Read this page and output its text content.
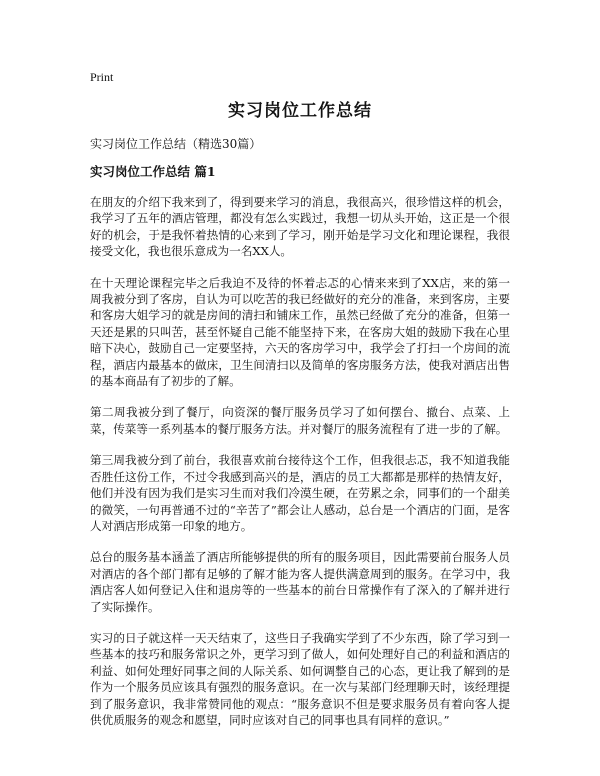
Print
实习岗位工作总结
实习岗位工作总结（精选30篇）
实习岗位工作总结 篇1

在朋友的介绍下我来到了，得到要来学习的消息，我很高兴，很珍惜这样的机会，我学习了五年的酒店管理，都没有怎么实践过，我想一切从头开始，这正是一个很好的机会，于是我怀着热情的心来到了学习，刚开始是学习文化和理论课程，我很接受文化，我也很乐意成为一名XX人。

在十天理论课程完毕之后我迫不及待的怀着忐忑的心情来来到了XX店，来的第一周我被分到了客房，自认为可以吃苦的我已经做好的充分的准备，来到客房，主要和客房大姐学习的就是房间的清扫和铺床工作，虽然已经做了充分的准备，但第一天还是累的只叫苦，甚至怀疑自己能不能坚持下来，在客房大姐的鼓励下我在心里暗下决心，鼓励自己一定要坚持，六天的客房学习中，我学会了打扫一个房间的流程，酒店内最基本的做床，卫生间清扫以及简单的客房服务方法，使我对酒店出售的基本商品有了初步的了解。

第二周我被分到了餐厅，向资深的餐厅服务员学习了如何摆台、撤台、点菜、上菜，传菜等一系列基本的餐厅服务方法。并对餐厅的服务流程有了进一步的了解。

第三周我被分到了前台，我很喜欢前台接待这个工作，但我很忐忑，我不知道我能否胜任这份工作，不过令我感到高兴的是，酒店的员工大都都是那样的热情友好，他们并没有因为我们是实习生而对我们冷漠生硬，在劳累之余，同事们的一个甜美的微笑，一句再普通不过的“辛苦了”都会让人感动，总台是一个酒店的门面，是客人对酒店形成第一印象的地方。

总台的服务基本涵盖了酒店所能够提供的所有的服务项目，因此需要前台服务人员对酒店的各个部门都有足够的了解才能为客人提供满意周到的服务。在学习中，我酒店客人如何登记入住和退房等的一些基本的前台日常操作有了深入的了解并进行了实际操作。

实习的日子就这样一天天结束了，这些日子我确实学到了不少东西，除了学习到一些基本的技巧和服务常识之外，更学习到了做人，如何处理好自己的利益和酒店的利益、如何处理好同事之间的人际关系、如何调整自己的心态，更让我了解到的是作为一个服务员应该具有强烈的服务意识。在一次与某部门经理聊天时，该经理提到了服务意识，我非常赞同他的观点：“服务意识不但是要求服务员有着向客人提供优质服务的观念和愿望，同时应该对自己的同事也具有同样的意识。”
